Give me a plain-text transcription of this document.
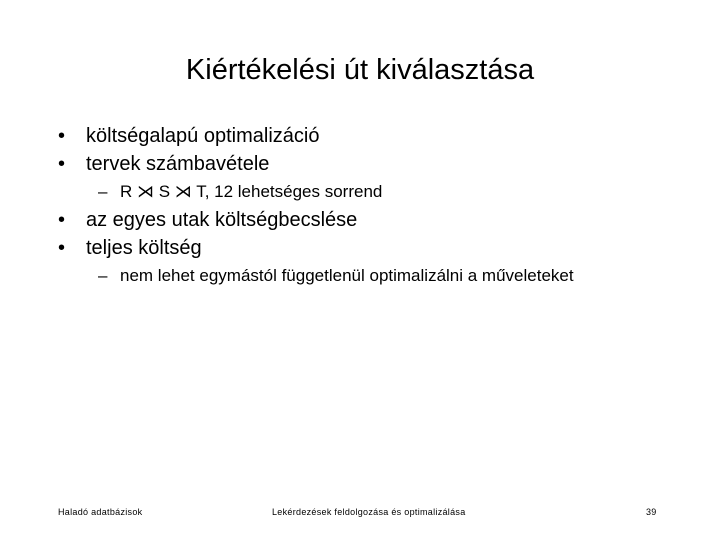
Kiértékelési út kiválasztása
•	költségalapú optimalizáció
•	tervek számbavétele
– R ⋊ S ⋊ T, 12 lehetséges sorrend
•	az egyes utak költségbecslése
•	teljes költség
– nem lehet egymástól függetlenül optimalizálni a műveleteket
Haladó adatbázisok	Lekérdezések feldolgozása és optimalizálása	39
